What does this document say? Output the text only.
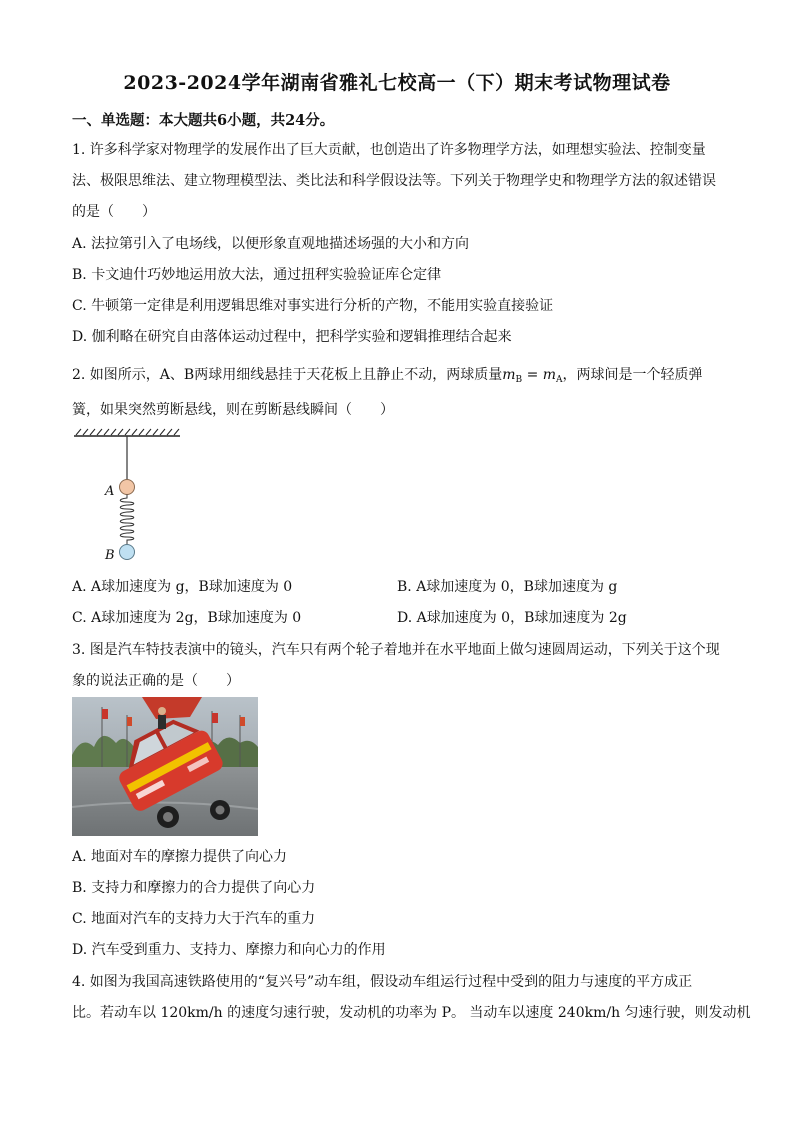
2023-2024学年湖南省雅礼七校高一（下）期末考试物理试卷
一、单选题：本大题共6小题，共24分。
1. 许多科学家对物理学的发展作出了巨大贡献，也创造出了许多物理学方法，如理想实验法、控制变量
法、极限思维法、建立物理模型法、类比法和科学假设法等。下列关于物理学史和物理学方法的叙述错误
的是（　　）
A. 法拉第引入了电场线，以便形象直观地描述场强的大小和方向
B. 卡文迪什巧妙地运用放大法，通过扭秤实验验证库仑定律
C. 牛顿第一定律是利用逻辑思维对事实进行分析的产物，不能用实验直接验证
D. 伽利略在研究自由落体运动过程中，把科学实验和逻辑推理结合起来
2. 如图所示，A、B两球用细线悬挂于天花板上且静止不动，两球质量$m_B = m_A$，两球间是一个轻质弹
簧，如果突然剪断悬线，则在剪断悬线瞬间（　　）
A
B
A. A球加速度为 g，B球加速度为 0	B. A球加速度为 0，B球加速度为 g
C. A球加速度为 2g，B球加速度为 0	D. A球加速度为 0，B球加速度为 2g
3. 图是汽车特技表演中的镜头，汽车只有两个轮子着地并在水平地面上做匀速圆周运动，下列关于这个现
象的说法正确的是（　　）
A. 地面对车的摩擦力提供了向心力
B. 支持力和摩擦力的合力提供了向心力
C. 地面对汽车的支持力大于汽车的重力
D. 汽车受到重力、支持力、摩擦力和向心力的作用
4. 如图为我国高速铁路使用的“复兴号”动车组，假设动车组运行过程中受到的阻力与速度的平方成正
比。若动车以 120km/h 的速度匀速行驶，发动机的功率为 P。 当动车以速度 240km/h 匀速行驶，则发动机
